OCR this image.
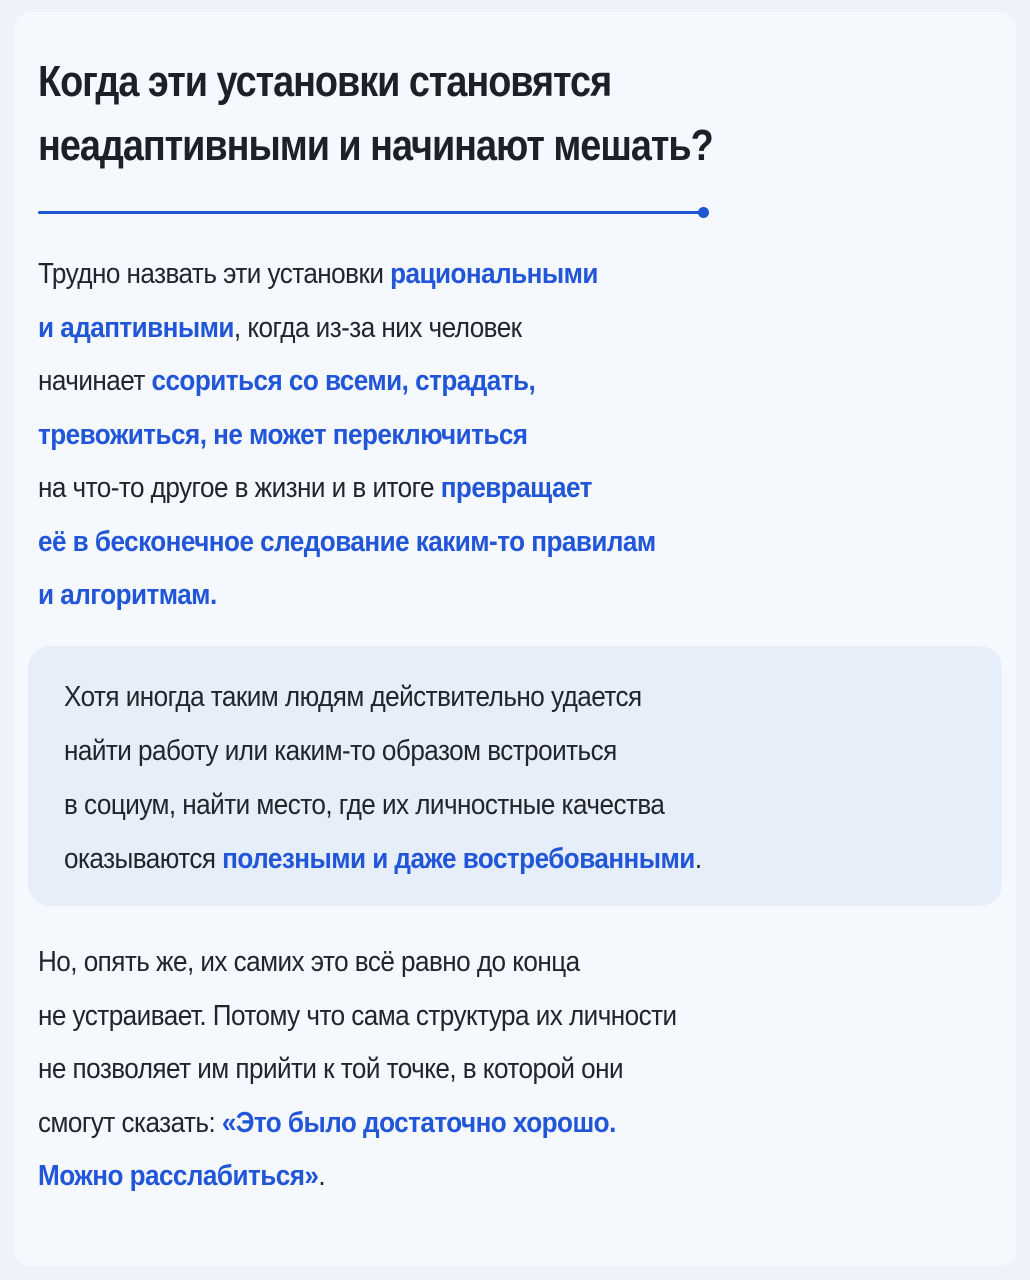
Когда эти установки становятся
неадаптивными и начинают мешать?

Трудно назвать эти установки рациональными
и адаптивными, когда из-за них человек
начинает ссориться со всеми, страдать,
тревожиться, не может переключиться
на что-то другое в жизни и в итоге превращает
её в бесконечное следование каким-то правилам
и алгоритмам.

Хотя иногда таким людям действительно удается
найти работу или каким-то образом встроиться
в социум, найти место, где их личностные качества
оказываются полезными и даже востребованными.

Но, опять же, их самих это всё равно до конца
не устраивает. Потому что сама структура их личности
не позволяет им прийти к той точке, в которой они
смогут сказать: «Это было достаточно хорошо.
Можно расслабиться».
